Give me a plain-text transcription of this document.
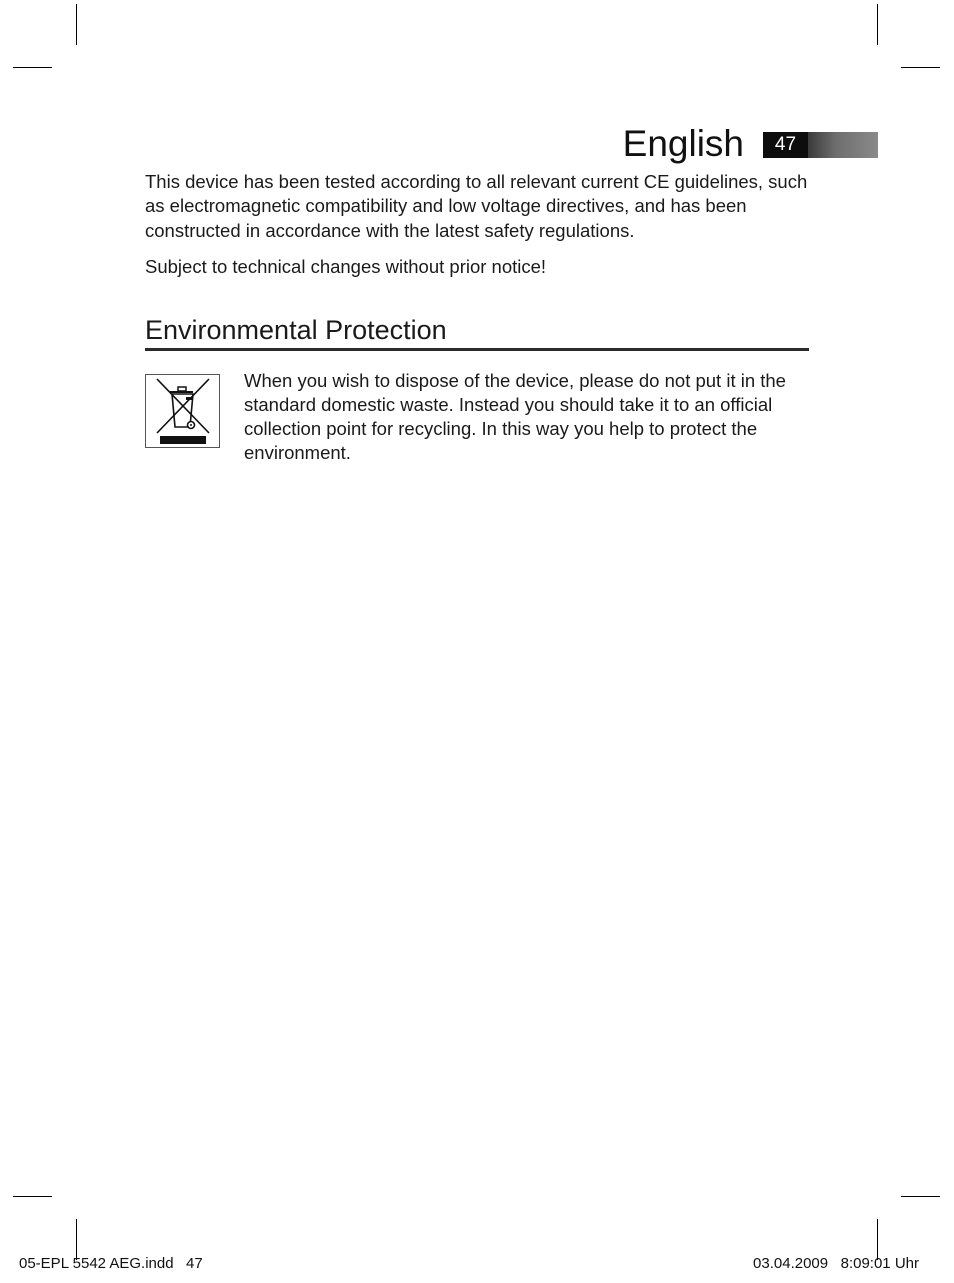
English	47

This device has been tested according to all relevant current CE guidelines, such as electromagnetic compatibility and low voltage directives, and has been constructed in accordance with the latest safety regulations.

Subject to technical changes without prior notice!

Environmental Protection

When you wish to dispose of the device, please do not put it in the standard domestic waste. Instead you should take it to an official collection point for recycling. In this way you help to protect the environment.

05-EPL 5542 AEG.indd   47	03.04.2009   8:09:01 Uhr
